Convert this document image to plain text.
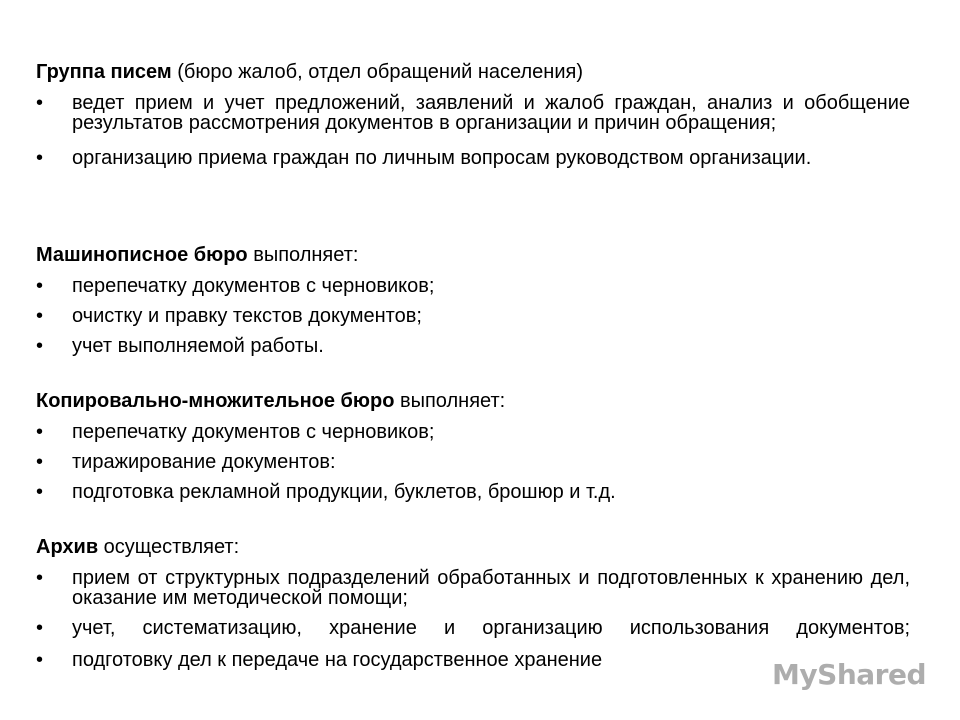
Группа писем (бюро жалоб, отдел обращений населения)

• ведет прием и учет предложений, заявлений и жалоб граждан, анализ и обобщение результатов рассмотрения документов в организации и причин обращения;
• организацию приема граждан по личным вопросам руководством организации.

Машинописное бюро выполняет:

• перепечатку документов с черновиков;
• очистку и правку текстов документов;
• учет выполняемой работы.

Копировально-множительное бюро выполняет:

• перепечатку документов с черновиков;
• тиражирование документов:
• подготовка рекламной продукции, буклетов, брошюр и т.д.

Архив осуществляет:

• прием от структурных подразделений обработанных и подготовленных к хранению дел, оказание им методической помощи;
• учет, систематизацию, хранение и организацию использования документов;
• подготовку дел к передаче на государственное хранение	MyShared
